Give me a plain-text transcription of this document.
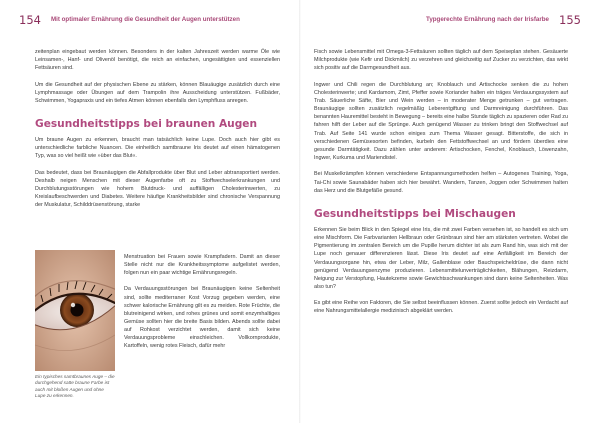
154 Mit optimaler Ernährung die Gesundheit der Augen unterstützen

zeitenplan eingebaut werden können. Besonders in der kalten Jahreszeit werden warme Öle wie Leinsamen-, Hanf- und Olivenöl benötigt, die reich an einfachen, ungesättigten und essenziellen Fettsäuren sind.

Um die Gesundheit auf der physischen Ebene zu stärken, können Blauäugige zusätzlich durch eine Lymphmassage oder Übungen auf dem Trampolin ihre Ausscheidung unterstützen. Fußbäder, Schwimmen, Yogapraxis und ein tiefes Atmen können ebenfalls den Lymphfluss anregen.

Gesundheitstipps bei braunen Augen

Um braune Augen zu erkennen, braucht man tatsächlich keine Lupe. Doch auch hier gibt es unterschiedliche farbliche Nuancen. Die einheitlich samtbraune Iris deutet auf einen hämatogenen Typ, was so viel heißt wie »über das Blut«.

Das bedeutet, dass bei Braunäugigen die Abfallprodukte über Blut und Leber abtransportiert werden. Deshalb neigen Menschen mit dieser Augenfarbe oft zu Stoffwechselerkrankungen und Durchblutungsstörungen wie hohem Blutdruck- und auffälligen Cholesterinwerten, zu Kreislaufbeschwerden und Diabetes. Weitere häufige Krankheitsbilder sind chronische Verspannung der Muskulatur, Schilddrüsenstörung, starke

Ein typisches samtbraunes Auge – die durchgehend satte braune Farbe ist auch mit bloßen Augen und ohne Lupe zu erkennen.

Menstruation bei Frauen sowie Krampfadern. Damit an dieser Stelle nicht nur die Krankheitssymptome aufgelistet werden, folgen nun ein paar wichtige Ernährungsregeln.

Da Verdauungsstörungen bei Braunäugigen keine Seltenheit sind, sollte mediterraner Kost Vorzug gegeben werden, eine schwer kalorische Ernährung gilt es zu meiden. Rote Früchte, die blutreinigend wirken, und rohes grünes und somit enzymhaltiges Gemüse sollten hier die breite Basis bilden. Abends sollte dabei auf Rohkost verzichtet werden, damit sich keine Verdauungsprobleme einschleichen. Vollkornprodukte, Kartoffeln, wenig rotes Fleisch, dafür mehr

Typgerechte Ernährung nach der Irisfarbe 155

Fisch sowie Lebensmittel mit Omega-3-Fettsäuren sollten täglich auf dem Speiseplan stehen. Gesäuerte Milchprodukte (wie Kefir und Dickmilch) zu verzehren und gleichzeitig auf Zucker zu verzichten, das wirkt sich positiv auf die Darmgesundheit aus.

Ingwer und Chili regen die Durchblutung an; Knoblauch und Artischocke senken die zu hohen Cholesterinwerte; und Kardamom, Zimt, Pfeffer sowie Koriander halten ein träges Verdauungssystem auf Trab. Säuerliche Säfte, Bier und Wein werden – in moderater Menge getrunken – gut vertragen. Braunäugige sollten zusätzlich regelmäßig Leberentgiftung und Darmreinigung durchführen. Das benannten Hauremittel besteht in Bewegung – bereits eine halbe Stunde täglich zu spazieren oder Rad zu fahren hilft der Leber auf die Sprünge. Auch genügend Wasser zu trinken bringt den Stoffwechsel auf Trab. Auf Seite 141 wurde schon einiges zum Thema Wasser gesagt. Bitterstoffe, die sich in verschiedenen Gemüsesorten befinden, kurbeln den Fettstoffwechsel an und fördern überdies eine gesunde Darmtätigkeit. Dazu zählen unter anderem: Artischocken, Fenchel, Knoblauch, Löwenzahn, Ingwer, Kurkuma und Mariendistel.

Bei Muskelkrämpfen können verschiedene Entspannungsmethoden helfen – Autogenes Training, Yoga, Tai-Chi sowie Saunabäder haben sich hier bewährt. Wandern, Tanzen, Joggen oder Schwimmen halten das Herz und die Blutgefäße gesund.

Gesundheitstipps bei Mischaugen

Erkennen Sie beim Blick in den Spiegel eine Iris, die mit zwei Farben versehen ist, so handelt es sich um eine Mischform. Die Farbvarianten Hellbraun oder Grünbraun sind hier am stärksten vertreten. Wobei die Pigmentierung im zentralen Bereich um die Pupille herum dichter ist als zum Rand hin, was sich mit der Lupe noch genauer differenzieren lässt. Diese Iris deutet auf eine Anfälligkeit im Bereich der Verdauungsorgane hin, etwa der Leber, Milz, Gallenblase oder Bauchspeicheldrüse, die dann nicht genügend Verdauungsenzyme produzieren. Lebensmittelunverträglichkeiten, Blähungen, Reizdarm, Neigung zur Verstopfung, Hautekzeme sowie Gewichtsschwankungen sind dann keine Seltenheiten. Was also tun?

Es gibt eine Reihe von Faktoren, die Sie selbst beeinflussen können. Zuerst sollte jedoch ein Verdacht auf eine Nahrungsmittelallergie medizinisch abgeklärt werden.
